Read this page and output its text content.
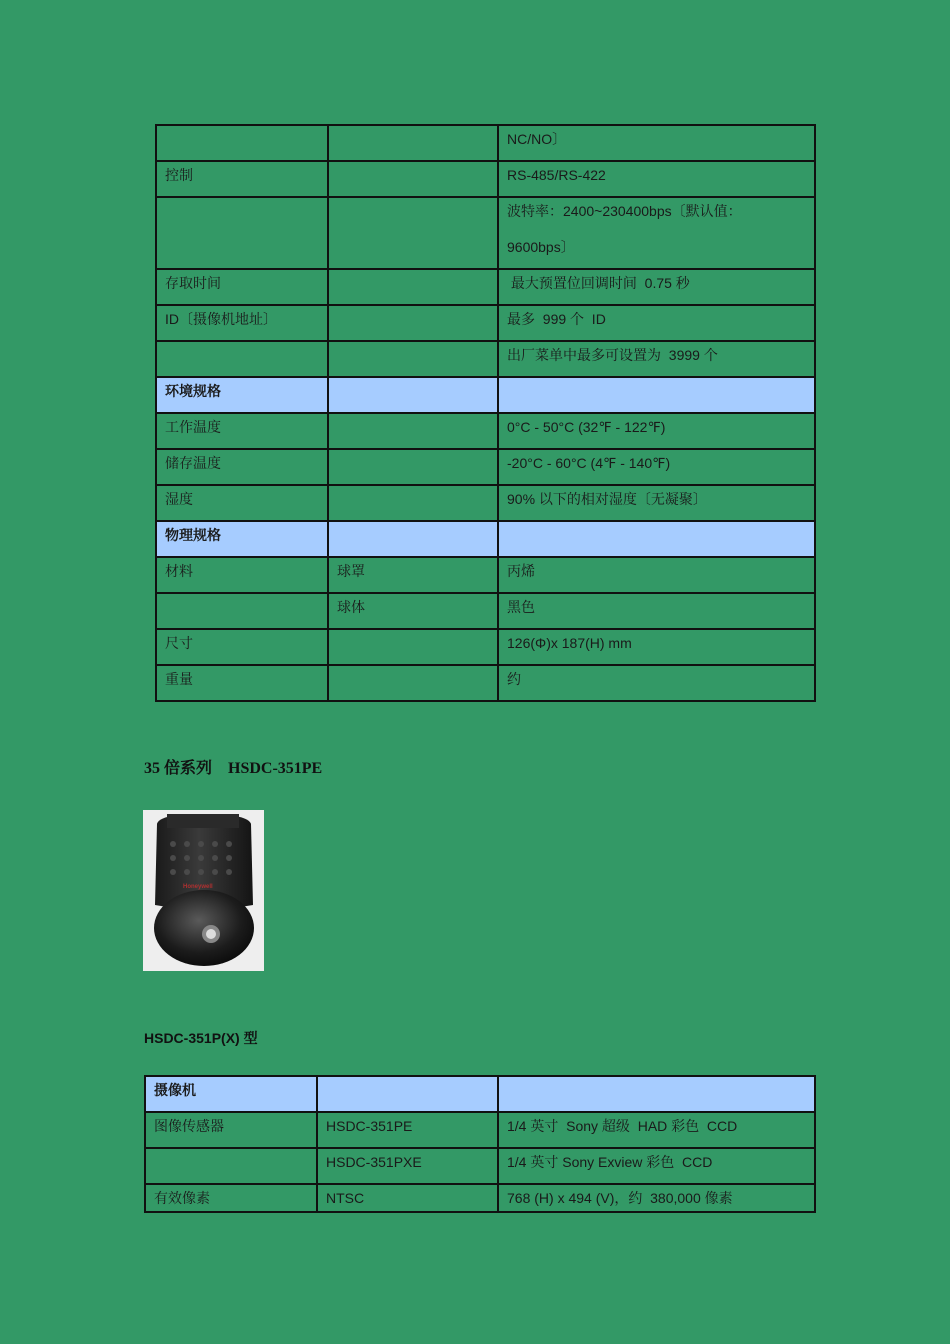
		NC/NO〕
控制		RS-485/RS-422
		波特率：2400~230400bps〔默认值：
9600bps〕

存取时间		最大预置位回调时间  0.75 秒
ID〔摄像机地址〕		最多  999 个  ID
		出厂菜单中最多可设置为  3999 个
环境规格		
工作温度		0°C - 50°C (32℉ - 122℉)
储存温度		-20°C - 60°C (4℉ - 140℉)
湿度		90% 以下的相对湿度〔无凝聚〕
物理规格		
材料	球罩	丙烯
	球体	黑色
尺寸		126(Φ)x 187(H) mm
重量		约
35 倍系列    HSDC-351PE
Honeywell
HSDC-351P(X) 型
摄像机		
图像传感器	HSDC-351PE	1/4 英寸  Sony 超级  HAD 彩色  CCD
	HSDC-351PXE	1/4 英寸 Sony Exview 彩色  CCD
有效像素	NTSC	768 (H) x 494 (V)，约  380,000 像素
